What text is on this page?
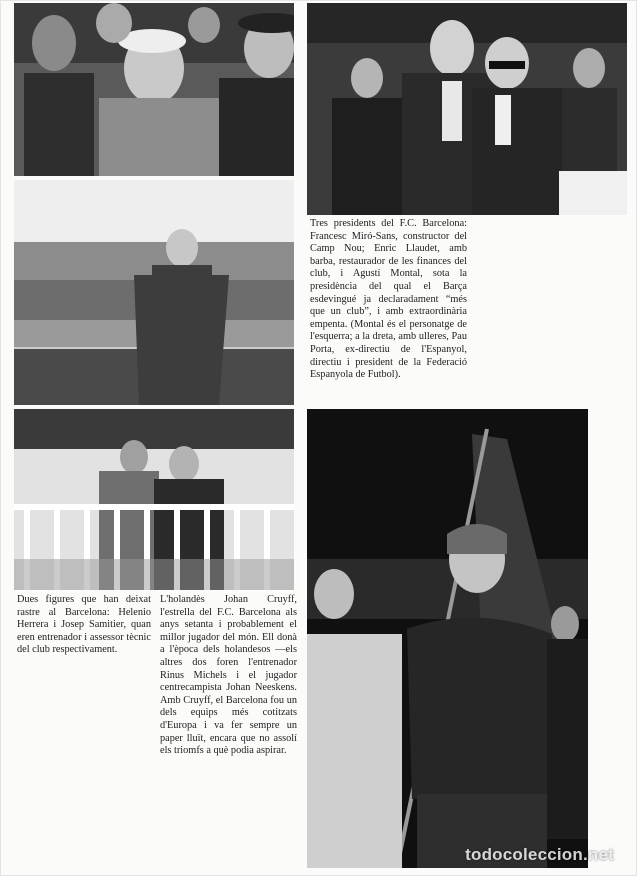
Tres presidents del F.C. Barcelona: Francesc Miró-Sans, constructor del Camp Nou; Enric Llaudet, amb barba, restaurador de les finances del club, i Agustí Montal, sota la presidència del qual el Barça esdevingué ja declaradament “més que un club”, i amb extraordinària empenta. (Montal és el personatge de l'esquerra; a la dreta, amb ulleres, Pau Porta, ex-directiu de l'Espanyol, directiu i president de la Federació Espanyola de Futbol).

Dues figures que han deixat rastre al Barcelona: Helenio Herrera i Josep Samitier, quan eren entrenador i assessor tècnic del club respectivament.

L'holandès Johan Cruyff, l'estrella del F.C. Barcelona als anys setanta i probablement el millor jugador del món. Ell donà a l'època dels holandesos —els altres dos foren l'entrenador Rinus Michels i el jugador centrecampista Johan Neeskens. Amb Cruyff, el Barcelona fou un dels equips més cotitzats d'Europa i va fer sempre un paper lluït, encara que no assolí els triomfs a què podia aspirar.

todocoleccion.net
